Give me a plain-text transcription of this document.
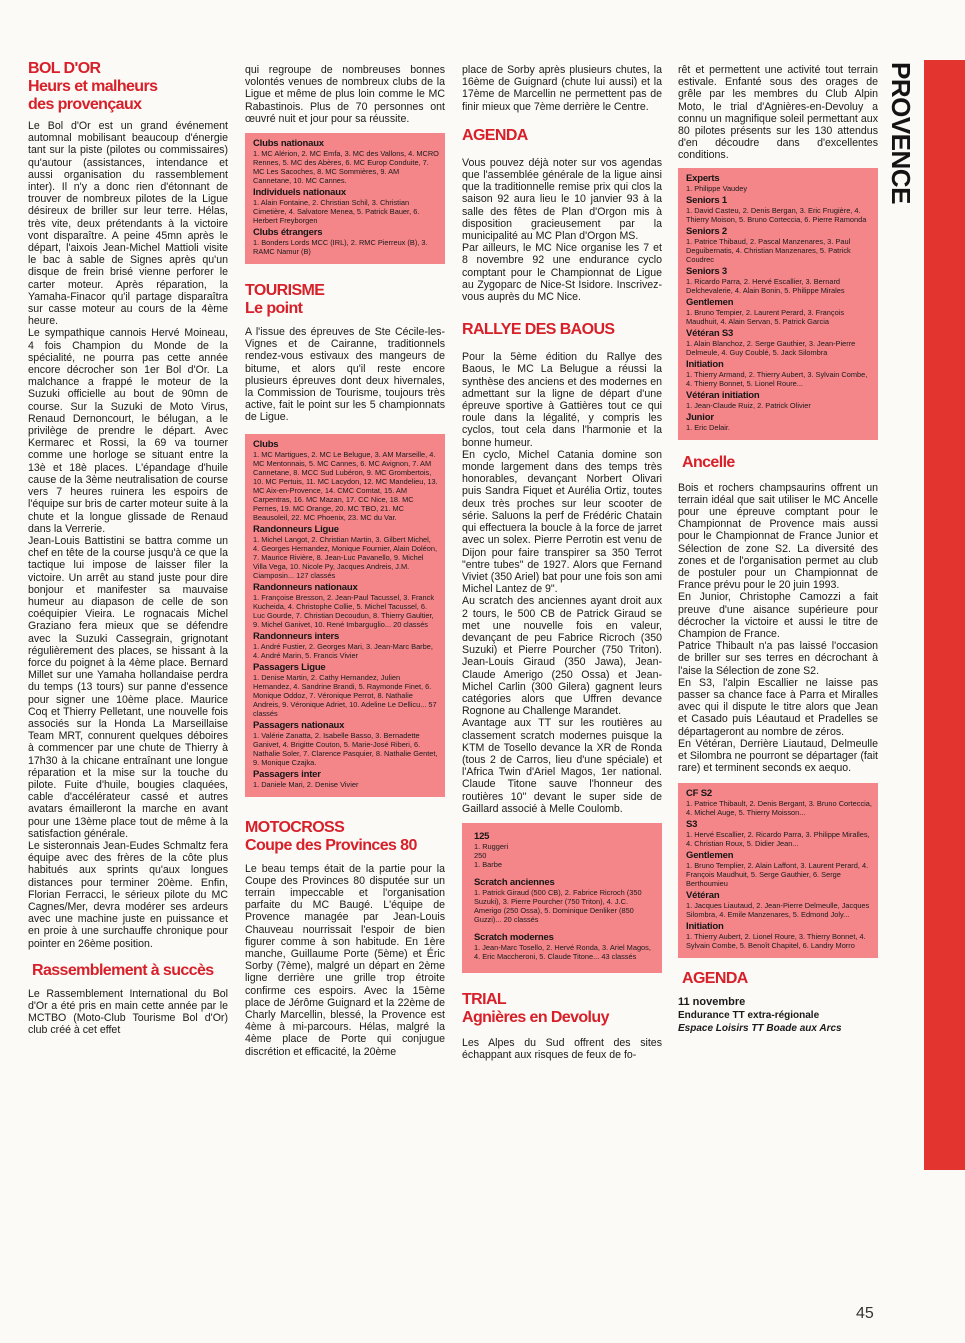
PROVENCE

BOL D'OR

Heurs et malheurs

des provençaux

Le Bol d'Or est un grand événement automnal mobilisant beaucoup d'énergie tant sur la piste (pilotes ou commissaires) qu'autour (assistances, intendance et aussi organisation du rassemblement inter). Il n'y a donc rien d'étonnant de trouver de nombreux pilotes de la Ligue désireux de briller sur leur terre. Hélas, très vite, deux prétendants à la victoire vont disparaître. A peine 45mn après le départ, l'aixois Jean-Michel Mattioli visite le bac à sable de Signes après qu'un disque de frein brisé vienne perforer le carter moteur. Après réparation, la Yamaha-Finacor qu'il partage disparaîtra sur casse moteur au cours de la 4ème heure.
Le sympathique cannois Hervé Moineau, 4 fois Champion du Monde de la spécialité, ne pourra pas cette année encore décrocher son 1er Bol d'Or. La malchance a frappé le moteur de la Suzuki officielle au bout de 90mn de course. Sur la Suzuki de Moto Virus, Renaud Dernoncourt, le bélugan, a le privilège de prendre le départ. Avec Kermarec et Rossi, la 69 va tourner comme une horloge se situant entre la 13è et 18è places. L'épandage d'huile cause de la 3ème neutralisation de course vers 7 heures ruinera les espoirs de l'équipe sur bris de carter moteur suite à la chute et la longue glissade de Renaud dans la Verrerie.
Jean-Louis Battistini se battra comme un chef en tête de la course jusqu'à ce que la tactique lui impose de laisser filer la victoire. Un arrêt au stand juste pour dire bonjour et manifester sa mauvaise humeur au diapason de celle de son coéquipier Vieira. Le rognacais Michel Graziano fera mieux que se défendre avec la Suzuki Cassegrain, grignotant régulièrement des places, se hissant à la force du poignet à la 4ème place. Bernard Millet sur une Yamaha hollandaise perdra du temps (13 tours) sur panne d'essence pour signer une 10ème place. Maurice Coq et Thierry Pelletant, une nouvelle fois associés sur la Honda La Marseillaise Team MRT, connurent quelques déboires à commencer par une chute de Thierry à 17h30 à la chicane entraînant une longue réparation et la mise sur la touche du pilote. Fuite d'huile, bougies claquées, cable d'accélérateur cassé et autres avatars émailleront la marche en avant pour une 13ème place tout de même à la satisfaction générale.
Le sisteronnais Jean-Eudes Schmaltz fera équipe avec des frères de la côte plus habitués aux sprints qu'aux longues distances pour terminer 20ème. Enfin, Florian Ferracci, le sérieux pilote du MC Cagnes/Mer, devra modérer ses ardeurs avec une machine juste en puissance et en proie à une surchauffe chronique pour pointer en 26ème position.

Rassemblement à succès

Le Rassemblement International du Bol d'Or a été pris en main cette année par le MCTBO (Moto-Club Tourisme Bol d'Or) club créé à cet effet

qui regroupe de nombreuses bonnes volontés venues de nombreux clubs de la Ligue et même de plus loin comme le MC Rabastinois. Plus de 70 personnes ont œuvré nuit et jour pour sa réussite.

Clubs nationaux

1. MC Alérion, 2. MC Emfa, 3. MC des Vallons, 4. MCRO Rennes, 5. MC des Abères, 6. MC Europ Conduite, 7. MC Les Sacoches, 8. MC Sommières, 9. AM Cannetane, 10. MC Cannes.

Individuels nationaux

1. Alain Fontaine, 2. Christian Schil, 3. Christian Cimetière, 4. Salvatore Menea, 5. Patrick Bauer, 6. Herbert Freyborgen

Clubs étrangers

1. Bonders Lords MCC (IRL), 2. RMC Pierreux (B), 3. RAMC Namur (B)

TOURISME

Le point

A l'issue des épreuves de Ste Cécile-les-Vignes et de Cairanne, traditionnels rendez-vous estivaux des mangeurs de bitume, et alors qu'il reste encore plusieurs épreuves dont deux hivernales, la Commission de Tourisme, toujours très active, fait le point sur les 5 championnats de Ligue.

Clubs

1. MC Martigues, 2. MC Le Belugue, 3. AM Marseille, 4. MC Mentonnais, 5. MC Cannes, 6. MC Avignon, 7. AM Cannetane, 8. MCC Sud Lubéron, 9. MC Grombertois, 10. MC Pertuis, 11. MC Lacydon, 12. MC Mandelieu, 13. MC Aix-en-Provence, 14. CMC Comtat, 15. AM Carpentras, 16. MC Mazan, 17. CC Nice, 18. MC Pernes, 19. MC Orange, 20. MC TBO, 21. MC Beausoleil, 22. MC Phoenix, 23. MC du Var.

Randonneurs Ligue

1. Michel Langot, 2. Christian Martin, 3. Gilbert Michel, 4. Georges Hernandez, Monique Fournier, Alain Doléon, 7. Maurice Rivière, 8. Jean-Luc Pavanello, 9. Michel Villa Vega, 10. Nicole Py, Jacques Andreis, J.M. Ciamposin... 127 classés

Randonneurs nationaux

1. Françoise Bresson, 2. Jean-Paul Tacussel, 3. Franck Kucheida, 4. Christophe Collie, 5. Michel Tacussel, 6. Luc Gourde, 7. Christian Decoudun, 8. Thierry Gaultier, 9. Michel Ganivet, 10. René Imbarguglio... 20 classés

Randonneurs inters

1. André Fustier, 2. Georges Mari, 3. Jean-Marc Barbe, 4. André Marin, 5. Francis Vivier

Passagers Ligue

1. Denise Martin, 2. Cathy Hernandez, Julien Hernandez, 4. Sandrine Brandi, 5. Raymonde Finet, 6. Monique Oddoz, 7. Véronique Perrot, 8. Nathalie Andreis, 9. Véronique Adriet, 10. Adeline Le Dellicu... 57 classés

Passagers nationaux

1. Valérie Zanatta, 2. Isabelle Basso, 3. Bernadette Ganivet, 4. Brigitte Couton, 5. Marie-José Riberi, 6. Nathalie Soler, 7. Clarence Pasquier, 8. Nathalie Gentet, 9. Monique Czajka.

Passagers inter

1. Daniele Mari, 2. Denise Vivier

MOTOCROSS

Coupe des Provinces 80

Le beau temps était de la partie pour la Coupe des Provinces 80 disputée sur un terrain impeccable et l'organisation parfaite du MC Baugé. L'équipe de Provence managée par Jean-Louis Chauveau nourrissait l'espoir de bien figurer comme à son habitude. En 1ère manche, Guillaume Porte (5ème) et Éric Sorby (7ème), malgré un départ en 2ème ligne derrière une grille trop étroite confirme ces espoirs. Avec la 15ème place de Jérôme Guignard et la 22ème de Charly Marcellin, blessé, la Provence est 4ème à mi-parcours. Hélas, malgré la 4ème place de Porte qui conjugue discrétion et efficacité, la 20ème

place de Sorby après plusieurs chutes, la 16ème de Guignard (chute lui aussi) et la 17ème de Marcellin ne permettent pas de finir mieux que 7ème derrière le Centre.

AGENDA

Vous pouvez déjà noter sur vos agendas que l'assemblée générale de la ligue ainsi que la traditionnelle remise prix qui clos la saison 92 aura lieu le 10 janvier 93 à la salle des fêtes de Plan d'Orgon mis à disposition gracieusement par la municipalité au MC Plan d'Orgon MS.
Par ailleurs, le MC Nice organise les 7 et 8 novembre 92 une endurance cyclo comptant pour le Championnat de Ligue au Zygoparc de Nice-St Isidore. Inscrivez-vous auprès du MC Nice.

RALLYE DES BAOUS

Pour la 5ème édition du Rallye des Baous, le MC La Belugue a réussi la synthèse des anciens et des modernes en admettant sur la ligne de départ d'une épreuve sportive à Gattières tout ce qui roule dans la légalité, y compris les cyclos, tout cela dans l'harmonie et la bonne humeur.
En cyclo, Michel Catania domine son monde largement dans des temps très honorables, devançant Norbert Olivari puis Sandra Fiquet et Aurélia Ortiz, toutes deux très proches sur leur scooter de série. Saluons la perf de Frédéric Chatain qui effectuera la boucle à la force de jarret avec un solex. Pierre Perrotin est venu de Dijon pour faire transpirer sa 350 Terrot "entre tubes" de 1927. Alors que Fernand Viviet (350 Ariel) bat pour une fois son ami Michel Lantez de 9".
Au scratch des anciennes ayant droit aux 2 tours, le 500 CB de Patrick Giraud se met une nouvelle fois en valeur, devançant de peu Fabrice Ricroch (350 Suzuki) et Pierre Pourcher (750 Triton). Jean-Louis Giraud (350 Jawa), Jean-Claude Amerigo (250 Ossa) et Jean-Michel Carlin (300 Gilera) gagnent leurs catégories alors que Uffren devance Rognone au Challenge Marandet.
Avantage aux TT sur les routières au classement scratch modernes puisque la KTM de Tosello devance la XR de Ronda (tous 2 de Carros, lieu d'une spéciale) et l'Africa Twin d'Ariel Magos, 1er national. Claude Titone sauve l'honneur des routières 10" devant le super side de Gaillard associé à Melle Coulomb.

125

1. Ruggeri
250
1. Barbe

Scratch anciennes

1. Patrick Giraud (500 CB), 2. Fabrice Ricroch (350 Suzuki), 3. Pierre Pourcher (750 Triton), 4. J.C. Amerigo (250 Ossa), 5. Dominique Denliker (850 Guzzi)... 20 classés

Scratch modernes

1. Jean-Marc Tosello, 2. Hervé Ronda, 3. Ariel Magos, 4. Eric Maccheroni, 5. Claude Titone... 43 classés

TRIAL

Agnières en Devoluy

Les Alpes du Sud offrent des sites échappant aux risques de feux de fo-

rêt et permettent une activité tout terrain estivale. Enfanté sous des orages de grêle par les membres du Club Alpin Moto, le trial d'Agnières-en-Devoluy a connu un magnifique soleil permettant aux 80 pilotes présents sur les 130 attendus d'en découdre dans d'excellentes conditions.

Experts

1. Philippe Vaudey

Seniors 1

1. David Casteu, 2. Denis Bergan, 3. Eric Frugière, 4. Thierry Moison, 5. Bruno Corteccia, 6. Pierre Ramonda

Seniors 2

1. Patrice Thibaud, 2. Pascal Manzenares, 3. Paul Deguibernatis, 4. Christian Manzenares, 5. Patrick Coudrec

Seniors 3

1. Ricardo Parra, 2. Hervé Escallier, 3. Bernard Delchevalerie, 4. Alain Bonin, 5. Philippe Mirales

Gentlemen

1. Bruno Tempier, 2. Laurent Perard, 3. François Maudhuit, 4. Alain Servan, 5. Patrick Garcia

Vétéran S3

1. Alain Blanchoz, 2. Serge Gauthier, 3. Jean-Pierre Delmeule, 4. Guy Coublé, 5. Jack Silombra

Initiation

1. Thierry Armand, 2. Thierry Aubert, 3. Sylvain Combe, 4. Thierry Bonnet, 5. Lionel Roure...

Vétéran initiation

1. Jean-Claude Ruiz, 2. Patrick Olivier

Junior

1. Eric Delair.

Ancelle

Bois et rochers champsaurins offrent un terrain idéal que sait utiliser le MC Ancelle pour une épreuve comptant pour le Championnat de Provence mais aussi pour le Championnat de France Junior et Sélection de zone S2. La diversité des zones et de l'organisation permet au club de postuler pour un Championnat de France prévu pour le 20 juin 1993.
En Junior, Christophe Camozzi a fait preuve d'une aisance supérieure pour décrocher la victoire et aussi le titre de Champion de France.
Patrice Thibault n'a pas laissé l'occasion de briller sur ses terres en décrochant à l'aise la Sélection de zone S2.
En S3, l'alpin Escallier ne laisse pas passer sa chance face à Parra et Miralles avec qui il dispute le titre alors que Jean et Casado puis Léautaud et Pradelles se départageront au nombre de zéros.
En Vétéran, Derrière Liautaud, Delmeulle et Silombra ne pourront se départager (fait rare) et terminent seconds ex aequo.

CF S2

1. Patrice Thibault, 2. Denis Bergant, 3. Bruno Corteccia, 4. Michel Auge, 5. Thierry Moisson...

S3

1. Hervé Escallier, 2. Ricardo Parra, 3. Philippe Miralles, 4. Christian Roux, 5. Didier Jean...

Gentlemen

1. Bruno Templier, 2. Alain Laffont, 3. Laurent Perard, 4. François Maudhuit, 5. Serge Gauthier, 6. Serge Berthoumieu

Vétéran

1. Jacques Liautaud, 2. Jean-Pierre Delmeulle, Jacques Silombra, 4. Emile Manzenares, 5. Edmond Joly...

Initiation

1. Thierry Aubert, 2. Lionel Roure, 3. Thierry Bonnet, 4. Sylvain Combe, 5. Benoît Chapitel, 6. Landry Morro

AGENDA

11 novembre

Endurance TT extra-régionale

Espace Loisirs TT Boade aux Arcs

45
